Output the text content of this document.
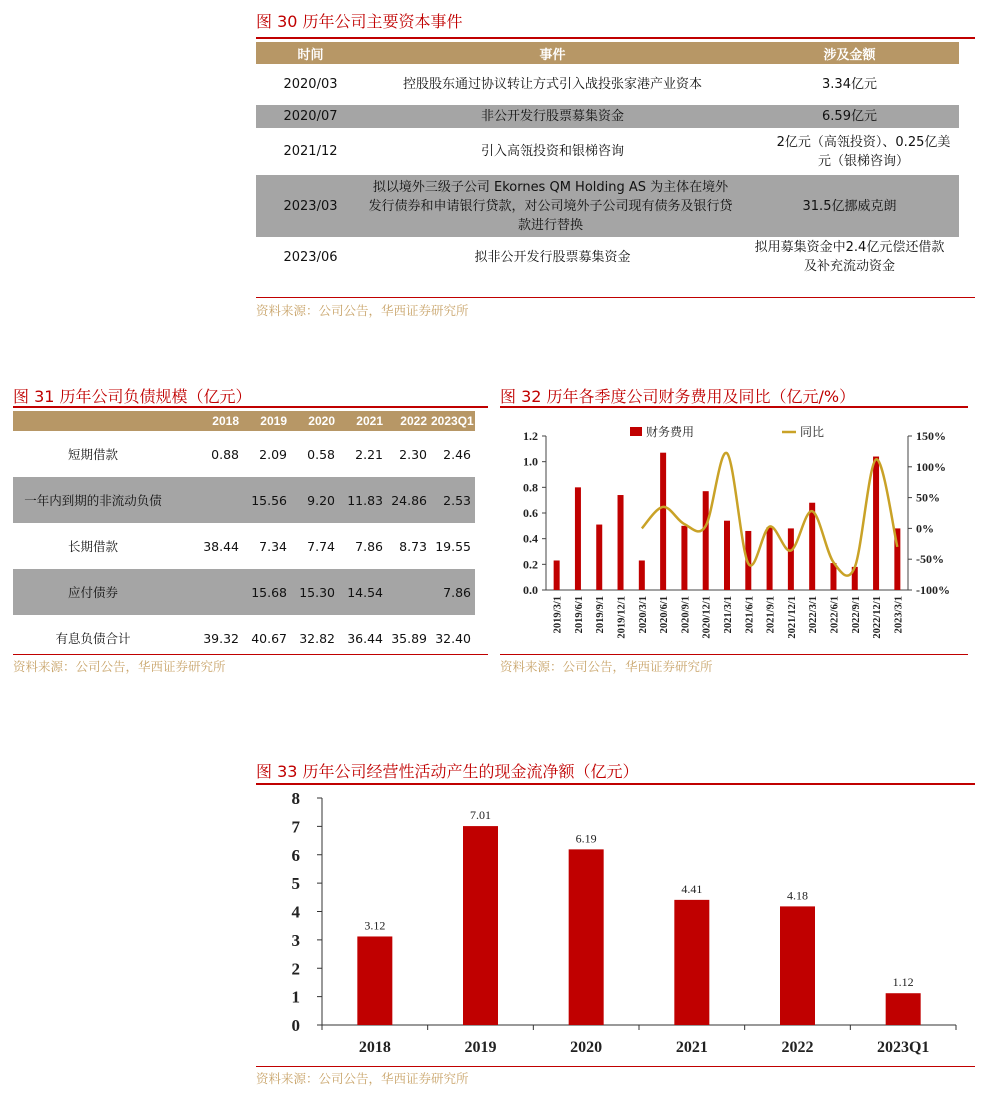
图 30 历年公司主要资本事件
时间	事件	涉及金额
2020/03	控股股东通过协议转让方式引入战投张家港产业资本	3.34亿元
2020/07	非公开发行股票募集资金	6.59亿元
2021/12	引入高瓴投资和银梯咨询	2亿元（高瓴投资）、0.25亿美元（银梯咨询）
2023/03	拟以境外三级子公司 Ekornes QM Holding AS 为主体在境外发行债券和申请银行贷款，对公司境外子公司现有债务及银行贷款进行替换	31.5亿挪威克朗
2023/06	拟非公开发行股票募集资金	拟用募集资金中2.4亿元偿还借款及补充流动资金
资料来源：公司公告，华西证券研究所
图 31 历年公司负债规模（亿元）
	2018	2019	2020	2021	2022	2023Q1
短期借款	0.88	2.09	0.58	2.21	2.30	2.46
一年内到期的非流动负债		15.56	9.20	11.83	24.86	2.53
长期借款	38.44	7.34	7.74	7.86	8.73	19.55
应付债券		15.68	15.30	14.54		7.86
有息负债合计	39.32	40.67	32.82	36.44	35.89	32.40
资料来源：公司公告，华西证券研究所
图 32 历年各季度公司财务费用及同比（亿元/%）
0.0
0.2
0.4
0.6
0.8
1.0
1.2
-100%
-50%
0%
50%
100%
150%
2019/3/1 2019/6/1 2019/9/1 2019/12/1 2020/3/1 2020/6/1 2020/9/1 2020/12/1 2021/3/1 2021/6/1 2021/9/1 2021/12/1 2022/3/1 2022/6/1 2022/9/1 2022/12/1 2023/3/1
财务费用	同比
资料来源：公司公告，华西证券研究所
图 33 历年公司经营性活动产生的现金流净额（亿元）
0
1
2
3
4
5
6
7
8
3.12
2018
7.01
2019
6.19
2020
4.41
2021
4.18
2022
1.12
2023Q1
资料来源：公司公告，华西证券研究所
